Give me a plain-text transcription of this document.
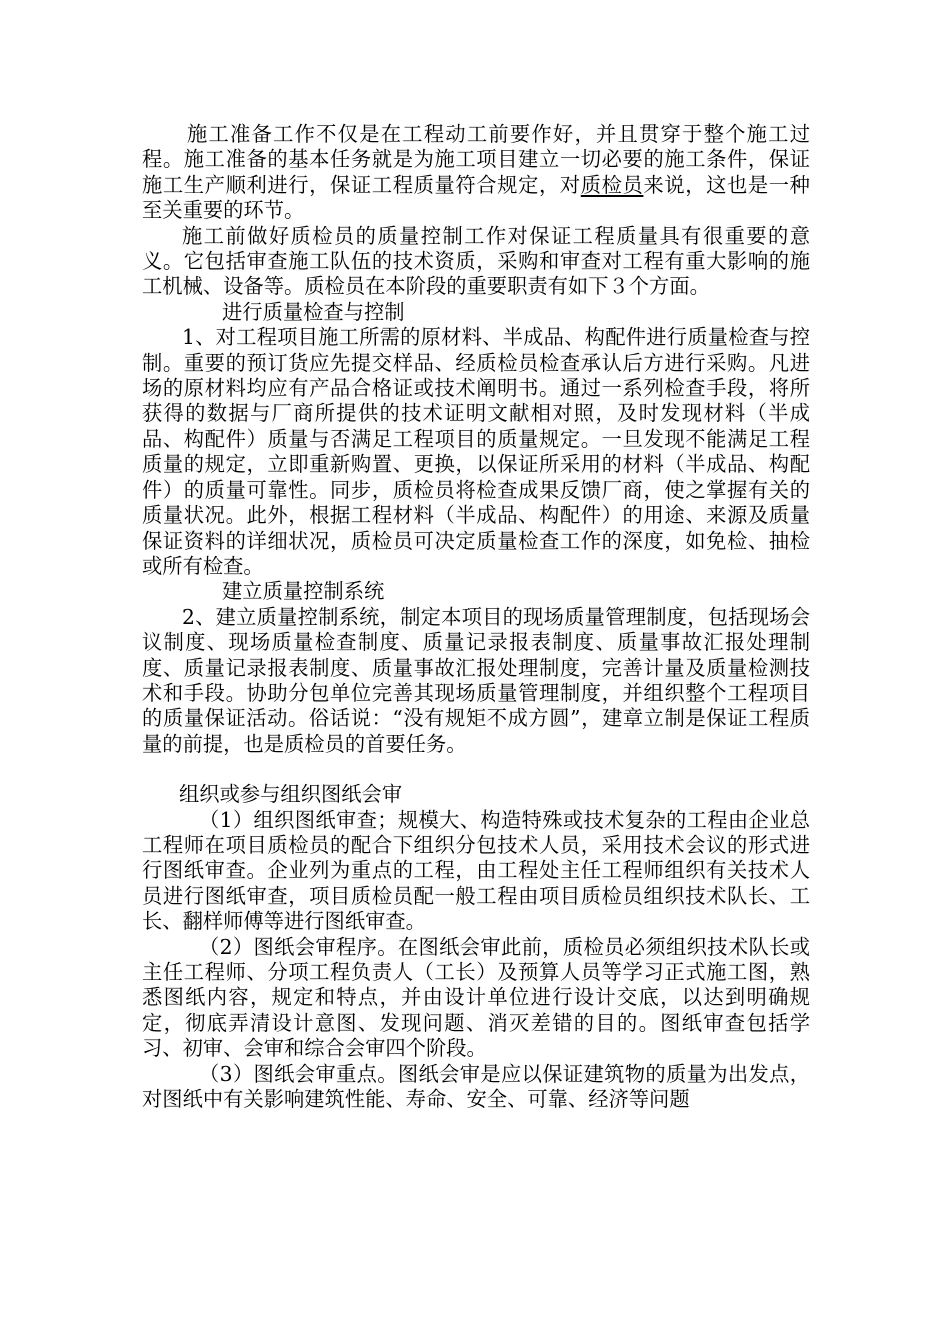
施工准备工作不仅是在工程动工前要作好，并且贯穿于整个施工过程。施工准备的基本任务就是为施工项目建立一切必要的施工条件，保证施工生产顺利进行，保证工程质量符合规定，对质检员来说，这也是一种至关重要的环节。

施工前做好质检员的质量控制工作对保证工程质量具有很重要的意义。它包括审查施工队伍的技术资质，采购和审查对工程有重大影响的施工机械、设备等。质检员在本阶段的重要职责有如下３个方面。

进行质量检查与控制

1、对工程项目施工所需的原材料、半成品、构配件进行质量检查与控制。重要的预订货应先提交样品、经质检员检查承认后方进行采购。凡进场的原材料均应有产品合格证或技术阐明书。通过一系列检查手段，将所获得的数据与厂商所提供的技术证明文献相对照，及时发现材料（半成品、构配件）质量与否满足工程项目的质量规定。一旦发现不能满足工程质量的规定，立即重新购置、更换，以保证所采用的材料（半成品、构配件）的质量可靠性。同步，质检员将检查成果反馈厂商，使之掌握有关的质量状况。此外，根据工程材料（半成品、构配件）的用途、来源及质量保证资料的详细状况，质检员可决定质量检查工作的深度，如免检、抽检或所有检查。

建立质量控制系统

2、建立质量控制系统，制定本项目的现场质量管理制度，包括现场会议制度、现场质量检查制度、质量记录报表制度、质量事故汇报处理制度、质量记录报表制度、质量事故汇报处理制度，完善计量及质量检测技术和手段。协助分包单位完善其现场质量管理制度，并组织整个工程项目的质量保证活动。俗话说：“没有规矩不成方圆”，建章立制是保证工程质量的前提，也是质检员的首要任务。

组织或参与组织图纸会审

（1）组织图纸审查；规模大、构造特殊或技术复杂的工程由企业总工程师在项目质检员的配合下组织分包技术人员，采用技术会议的形式进行图纸审查。企业列为重点的工程，由工程处主任工程师组织有关技术人员进行图纸审查，项目质检员配一般工程由项目质检员组织技术队长、工长、翻样师傅等进行图纸审查。

（2）图纸会审程序。在图纸会审此前，质检员必须组织技术队长或主任工程师、分项工程负责人（工长）及预算人员等学习正式施工图，熟悉图纸内容，规定和特点，并由设计单位进行设计交底，以达到明确规定，彻底弄清设计意图、发现问题、消灭差错的目的。图纸审查包括学习、初审、会审和综合会审四个阶段。

（3）图纸会审重点。图纸会审是应以保证建筑物的质量为出发点，对图纸中有关影响建筑性能、寿命、安全、可靠、经济等问题
